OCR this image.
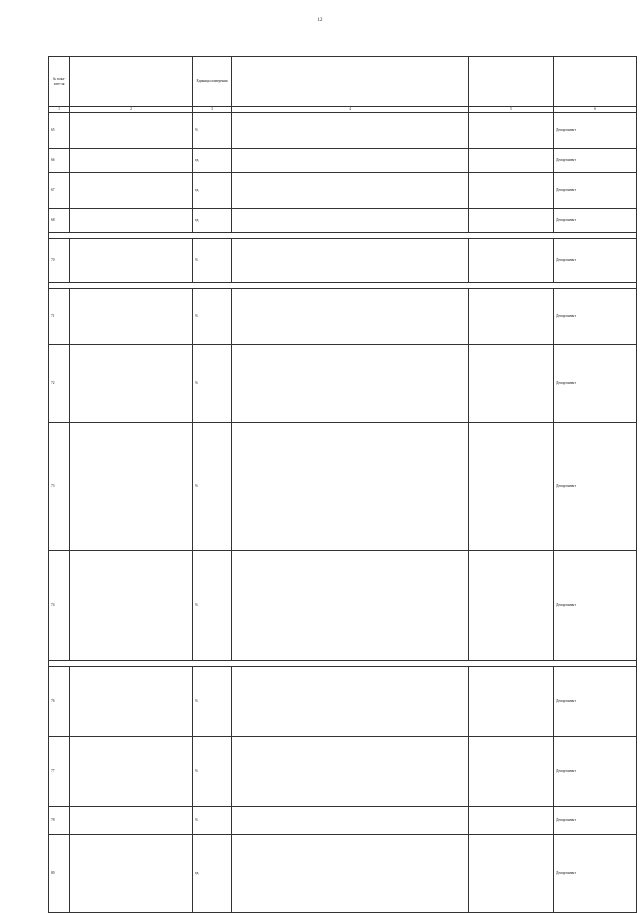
12
№ пока-зате-ля		Единицы измерения			
1	2	3	4	5	6
65		%			Департамент
66		ед.			Департамент
67		ед.			Департамент
68		ед.			Департамент

70		%			Департамент

71		%			Департамент
72		%			Департамент
73		%			Департамент
74		%			Департамент

76		%			Департамент
77		%			Департамент
78		%			Департамент
80		ед.			Департамент
